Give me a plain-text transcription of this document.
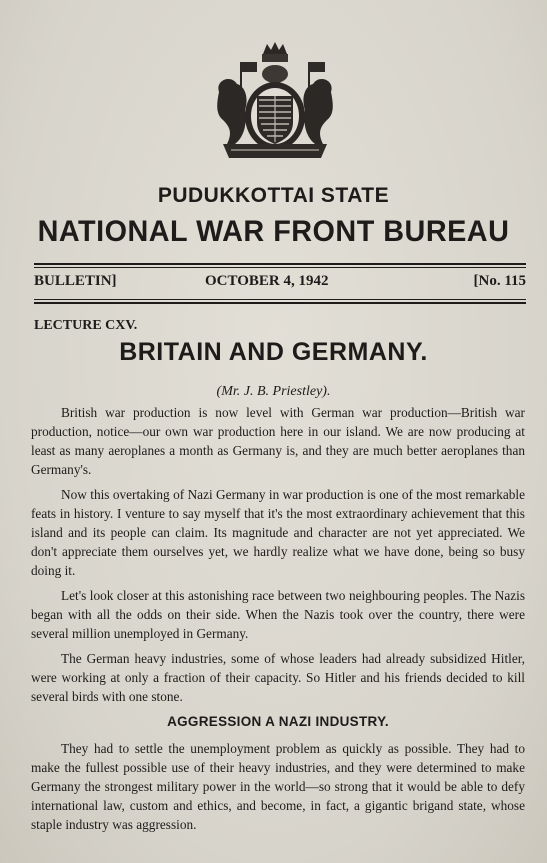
PUDUKKOTTAI STATE
NATIONAL WAR FRONT BUREAU
BULLETIN]	OCTOBER 4, 1942	[No. 115
LECTURE CXV.
BRITAIN AND GERMANY.
(Mr. J. B. Priestley).

British war production is now level with German war production—British war production, notice—our own war production here in our island. We are now producing at least as many aeroplanes a month as Germany is, and they are much better aeroplanes than Germany's.

Now this overtaking of Nazi Germany in war production is one of the most remarkable feats in history. I venture to say myself that it's the most extraordinary achievement that this island and its people can claim. Its magnitude and character are not yet appreciated. We don't appreciate them ourselves yet, we hardly realize what we have done, being so busy doing it.

Let's look closer at this astonishing race between two neighbouring peoples. The Nazis began with all the odds on their side. When the Nazis took over the country, there were several million unemployed in Germany.

The German heavy industries, some of whose leaders had already subsidized Hitler, were working at only a fraction of their capacity. So Hitler and his friends decided to kill several birds with one stone.

AGGRESSION A NAZI INDUSTRY.

They had to settle the unemployment problem as quickly as possible. They had to make the fullest possible use of their heavy industries, and they were determined to make Germany the strongest military power in the world—so strong that it would be able to defy international law, custom and ethics, and become, in fact, a gigantic brigand state, whose staple industry was aggression.
